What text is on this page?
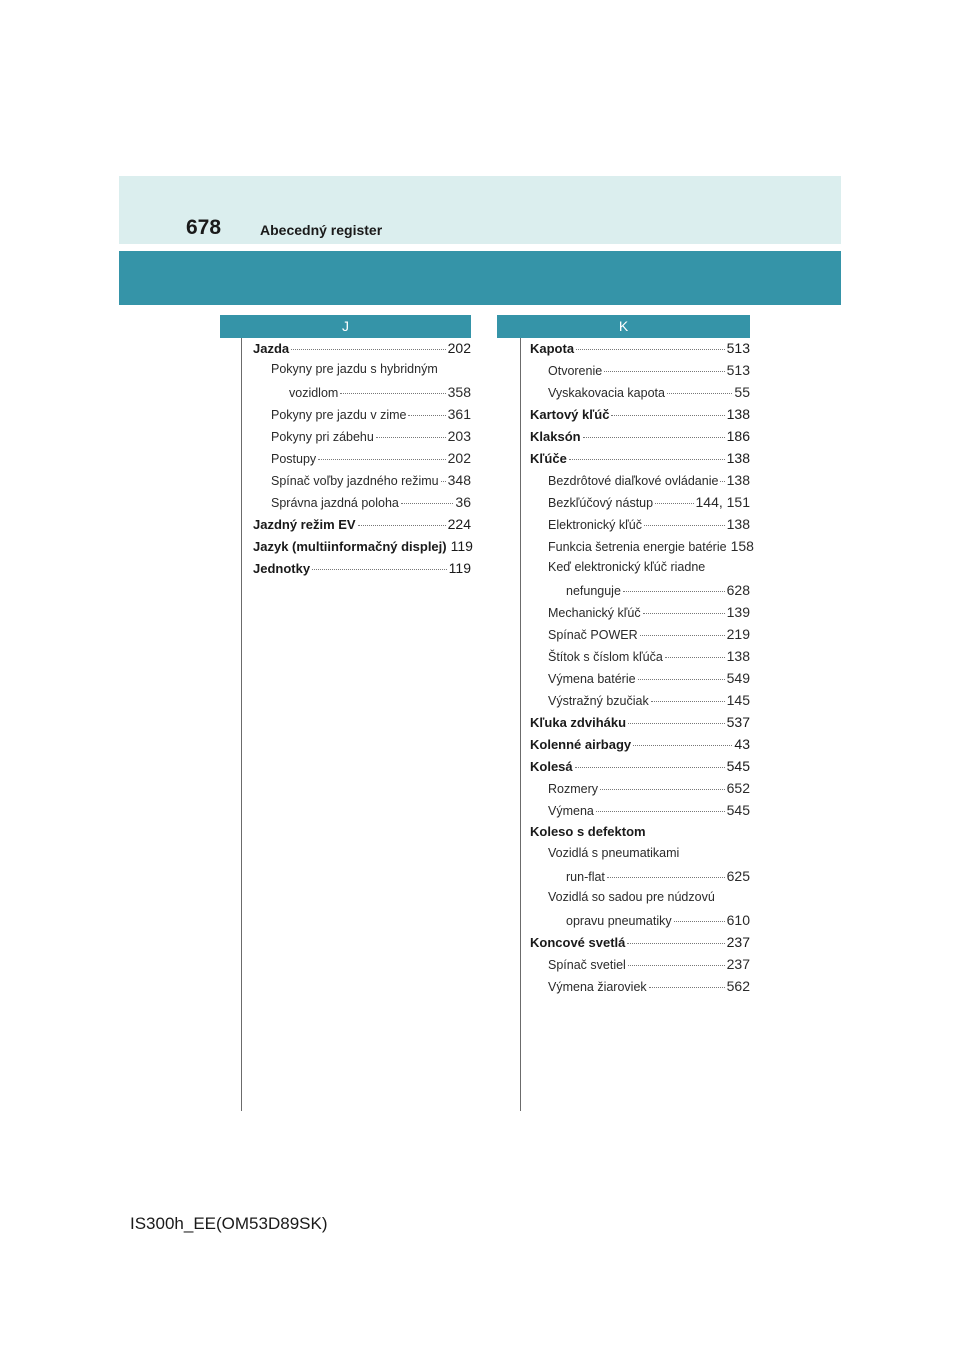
678	Abecedný register
J	K
Jazda	202
Pokyny pre jazdu s hybridným
vozidlom	358
Pokyny pre jazdu v zime	361
Pokyny pri zábehu	203
Postupy	202
Spínač voľby jazdného režimu 348
Správna jazdná poloha	36
Jazdný režim EV	224
Jazyk (multiinformačný displej) 119
Jednotky	119
Kapota	513
Otvorenie	513
Vyskakovacia kapota	55
Kartový kľúč	138
Klaksón	186
Kľúče	138
Bezdrôtové diaľkové ovládanie 138
Bezkľúčový nástup	144, 151
Elektronický kľúč	138
Funkcia šetrenia energie batérie 158
Keď elektronický kľúč riadne
nefunguje	628
Mechanický kľúč	139
Spínač POWER	219
Štítok s číslom kľúča	138
Výmena batérie	549
Výstražný bzučiak	145
Kľuka zdviháku	537
Kolenné airbagy	43
Kolesá	545
Rozmery	652
Výmena	545
Koleso s defektom
Vozidlá s pneumatikami
run-flat	625
Vozidlá so sadou pre núdzovú
opravu pneumatiky	610
Koncové svetlá	237
Spínač svetiel	237
Výmena žiaroviek	562
IS300h_EE(OM53D89SK)
